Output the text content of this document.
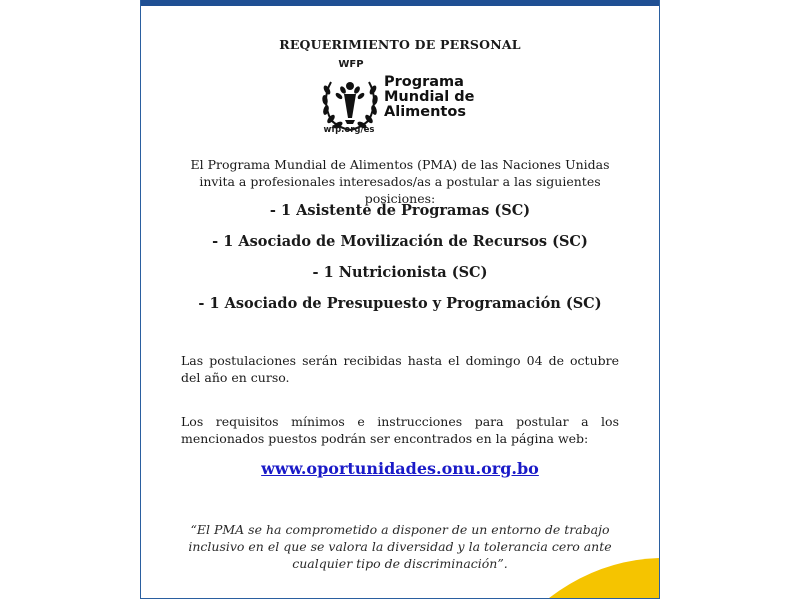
REQUERIMIENTO DE PERSONAL
WFP
wfp.org/es
Programa
Mundial de
Alimentos
El Programa Mundial de Alimentos (PMA) de las Naciones Unidas invita a profesionales interesados/as a postular a las siguientes posiciones:
- 1 Asistente de Programas (SC)
- 1 Asociado de Movilización de Recursos (SC)
- 1 Nutricionista (SC)
- 1 Asociado de Presupuesto y Programación (SC)
Las postulaciones serán recibidas hasta el domingo 04 de octubre del año en curso.
Los requisitos mínimos e instrucciones para postular a los mencionados puestos podrán ser encontrados en la página web:
www.oportunidades.onu.org.bo
“El PMA se ha comprometido a disponer de un entorno de trabajo inclusivo en el que se valora la diversidad y la tolerancia cero ante cualquier tipo de discriminación”.
